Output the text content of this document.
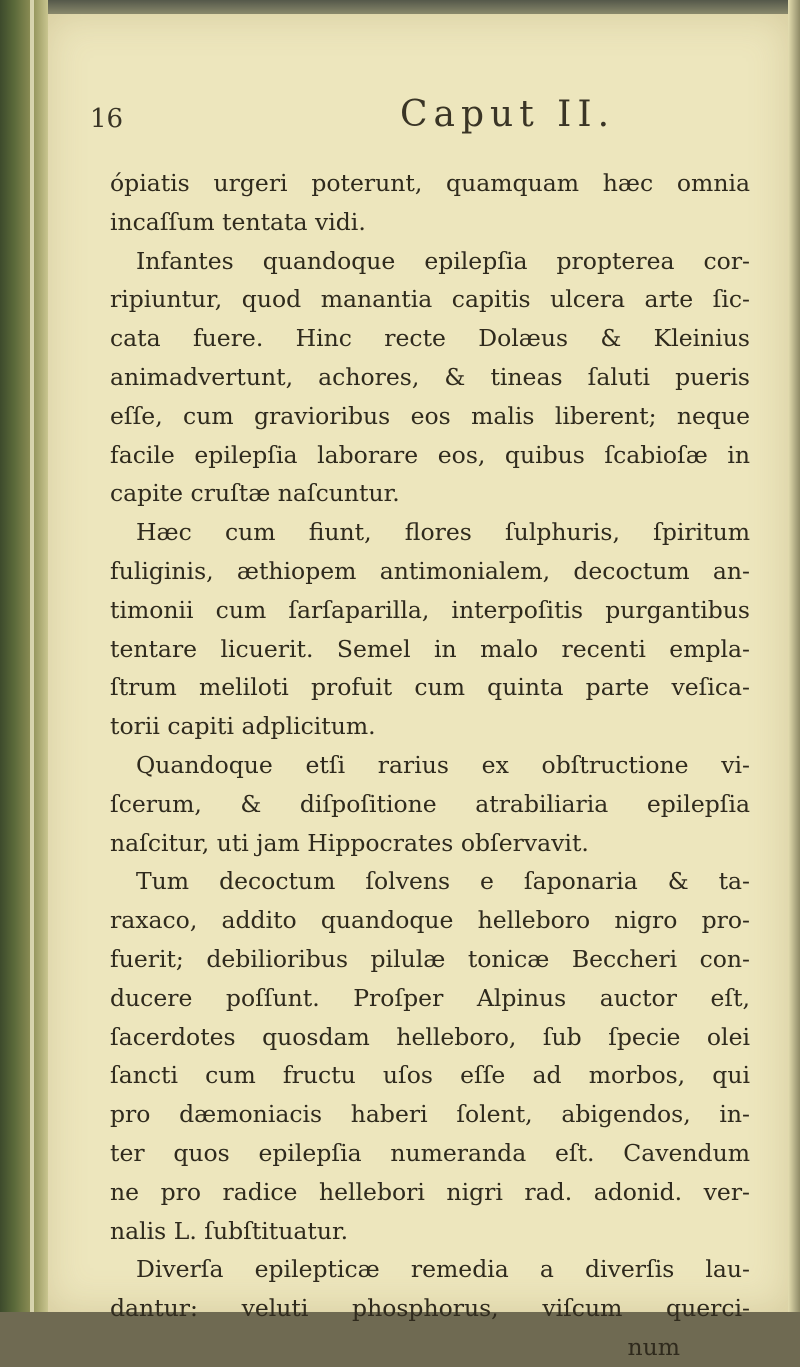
16	Caput II.
ópiatis urgeri poterunt, quamquam hæc omnia
incaſſum tentata vidi.
Infantes quandoque epilepſia propterea cor-
ripiuntur, quod manantia capitis ulcera arte ſic-
cata fuere. Hinc recte Dolæus & Kleinius
animadvertunt, achores, & tineas ſaluti pueris
eſſe, cum gravioribus eos malis liberent; neque
facile epilepſia laborare eos, quibus ſcabioſæ in
capite cruſtæ naſcuntur.
Hæc cum fiunt, flores ſulphuris, ſpiritum
fuliginis, æthiopem antimonialem, decoctum an-
timonii cum ſarſaparilla, interpoſitis purgantibus
tentare licuerit. Semel in malo recenti empla-
ſtrum meliloti profuit cum quinta parte veſica-
torii capiti adplicitum.
Quandoque etſi rarius ex obſtructione vi-
ſcerum, & diſpoſitione atrabiliaria epilepſia
naſcitur, uti jam Hippocrates obſervavit.
Tum decoctum ſolvens e ſaponaria & ta-
raxaco, addito quandoque helleboro nigro pro-
fuerit; debilioribus pilulæ tonicæ Beccheri con-
ducere poſſunt. Proſper Alpinus auctor eſt,
ſacerdotes quosdam helleboro, ſub ſpecie olei
ſancti cum fructu uſos eſſe ad morbos, qui
pro dæmoniacis haberi ſolent, abigendos, in-
ter quos epilepſia numeranda eſt. Cavendum
ne pro radice hellebori nigri rad. adonid. ver-
nalis L. ſubſtituatur.
Diverſa epilepticæ remedia a diverſis lau-
dantur: veluti phosphorus, viſcum querci-
num
